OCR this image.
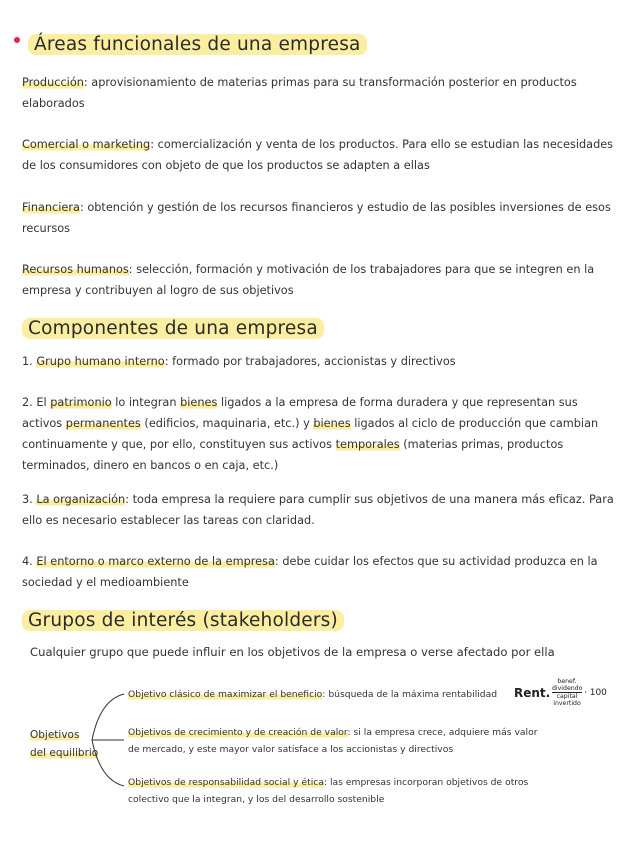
Áreas funcionales de una empresa
Producción: aprovisionamiento de materias primas para su transformación posterior en productos elaborados
Comercial o marketing: comercialización y venta de los productos. Para ello se estudian las necesidades de los consumidores con objeto de que los productos se adapten a ellas
Financiera: obtención y gestión de los recursos financieros y estudio de las posibles inversiones de esos recursos
Recursos humanos: selección, formación y motivación de los trabajadores para que se integren en la empresa y contribuyen al logro de sus objetivos
Componentes de una empresa
1. Grupo humano interno: formado por trabajadores, accionistas y directivos
2. El patrimonio lo integran bienes ligados a la empresa de forma duradera y que representan sus activos permanentes (edificios, maquinaria, etc.) y bienes ligados al ciclo de producción que cambian continuamente y que, por ello, constituyen sus activos temporales (materias primas, productos terminados, dinero en bancos o en caja, etc.)
3. La organización: toda empresa la requiere para cumplir sus objetivos de una manera más eficaz. Para ello es necesario establecer las tareas con claridad.
4. El entorno o marco externo de la empresa: debe cuidar los efectos que su actividad produzca en la sociedad y el medioambiente
Grupos de interés (stakeholders)
Cualquier grupo que puede influir en los objetivos de la empresa o verse afectado por ella
Objetivos
del equilibrio
Objetivo clásico de maximizar el beneficio: búsqueda de la máxima rentabilidad
Objetivos de crecimiento y de creación de valor: si la empresa crece, adquiere más valor de mercado, y este mayor valor satisface a los accionistas y directivos
Objetivos de responsabilidad social y ética: las empresas incorporan objetivos de otros colectivo que la integran, y los del desarrollo sostenible
Rent.
benef. dividendo
capital invertido
· 100
